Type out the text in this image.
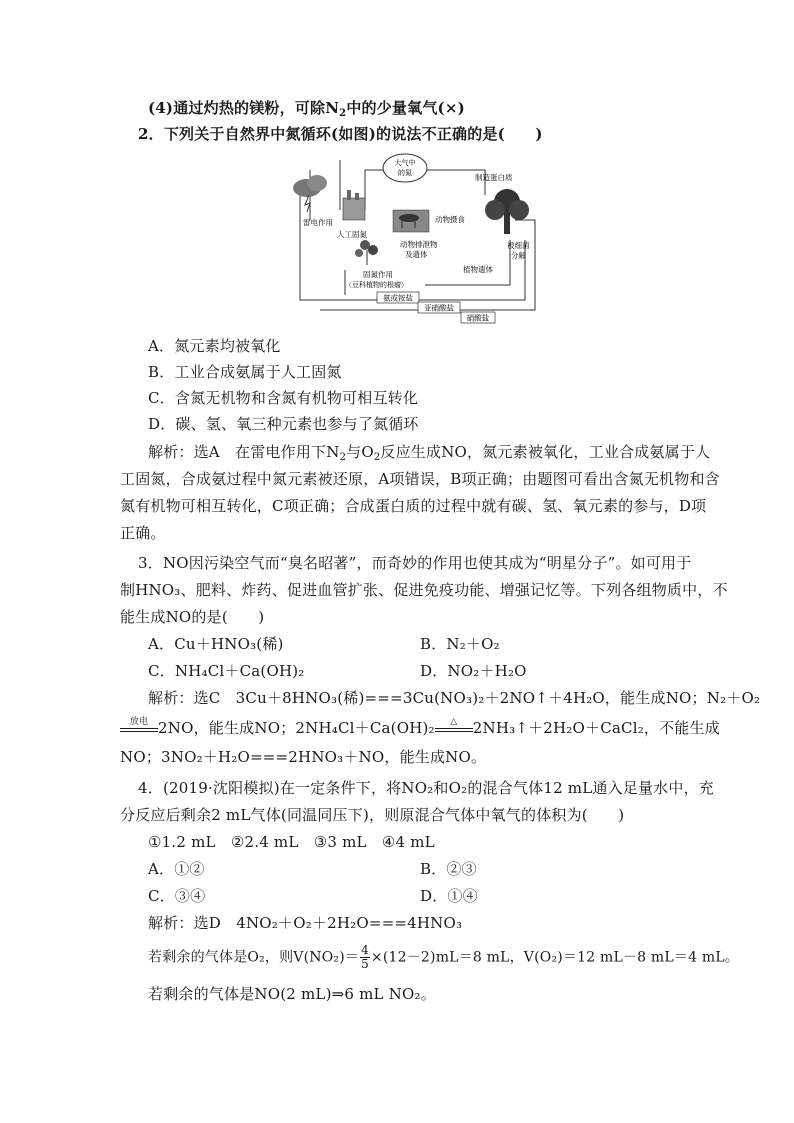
(4)通过灼热的镁粉，可除$N_2$中的少量氧气(×)
2．下列关于自然界中氮循环(如图)的说法不正确的是(　　)
大气中
的氮
雷电作用
人工固氮
固氮作用
（豆科植物的根瘤）
动物摄食
动物排泄物
及遗体
制造蛋白质
被细菌
分解
植物遗体
氨或铵盐
亚硝酸盐
硝酸盐
A．氮元素均被氧化
B．工业合成氨属于人工固氮
C．含氮无机物和含氮有机物可相互转化
D．碳、氢、氧三种元素也参与了氮循环
解析：选A　在雷电作用下$N_2$与$O_2$反应生成NO，氮元素被氧化，工业合成氨属于人
工固氮，合成氨过程中氮元素被还原，A项错误，B项正确；由题图可看出含氮无机物和含
氮有机物可相互转化，C项正确；合成蛋白质的过程中就有碳、氢、氧元素的参与，D项
正确。
3．NO因污染空气而“臭名昭著”，而奇妙的作用也使其成为“明星分子”。如可用于
制HNO₃、肥料、炸药、促进血管扩张、促进免疫功能、增强记忆等。下列各组物质中，不
能生成NO的是(　　)
A．Cu＋HNO₃(稀)	B．N₂＋O₂
C．NH₄Cl＋Ca(OH)₂	D．NO₂＋H₂O
解析：选C　3Cu＋8HNO₃(稀)===3Cu(NO₃)₂＋2NO↑＋4H₂O，能生成NO；N₂＋O₂
放电 2NO，能生成NO；2NH₄Cl＋Ca(OH)₂	△	2NH₃↑＋2H₂O＋CaCl₂，不能生成
NO；3NO₂＋H₂O===2HNO₃＋NO，能生成NO。
4．(2019·沈阳模拟)在一定条件下，将NO₂和O₂的混合气体12 mL通入足量水中，充
分反应后剩余2 mL气体(同温同压下)，则原混合气体中氧气的体积为(　　)
①1.2 mL　②2.4 mL　③3 mL　④4 mL
A．①②	B．②③
C．③④	D．①④
解析：选D　4NO₂＋O₂＋2H₂O===4HNO₃
若剩余的气体是O₂，则$V(NO_2)= \frac{4}{5} \times(12-2)mL=8$ mL，V(O₂)＝12 mL－8 mL＝4 mL。
若剩余的气体是NO(2 mL)⇒6 mL NO₂。
